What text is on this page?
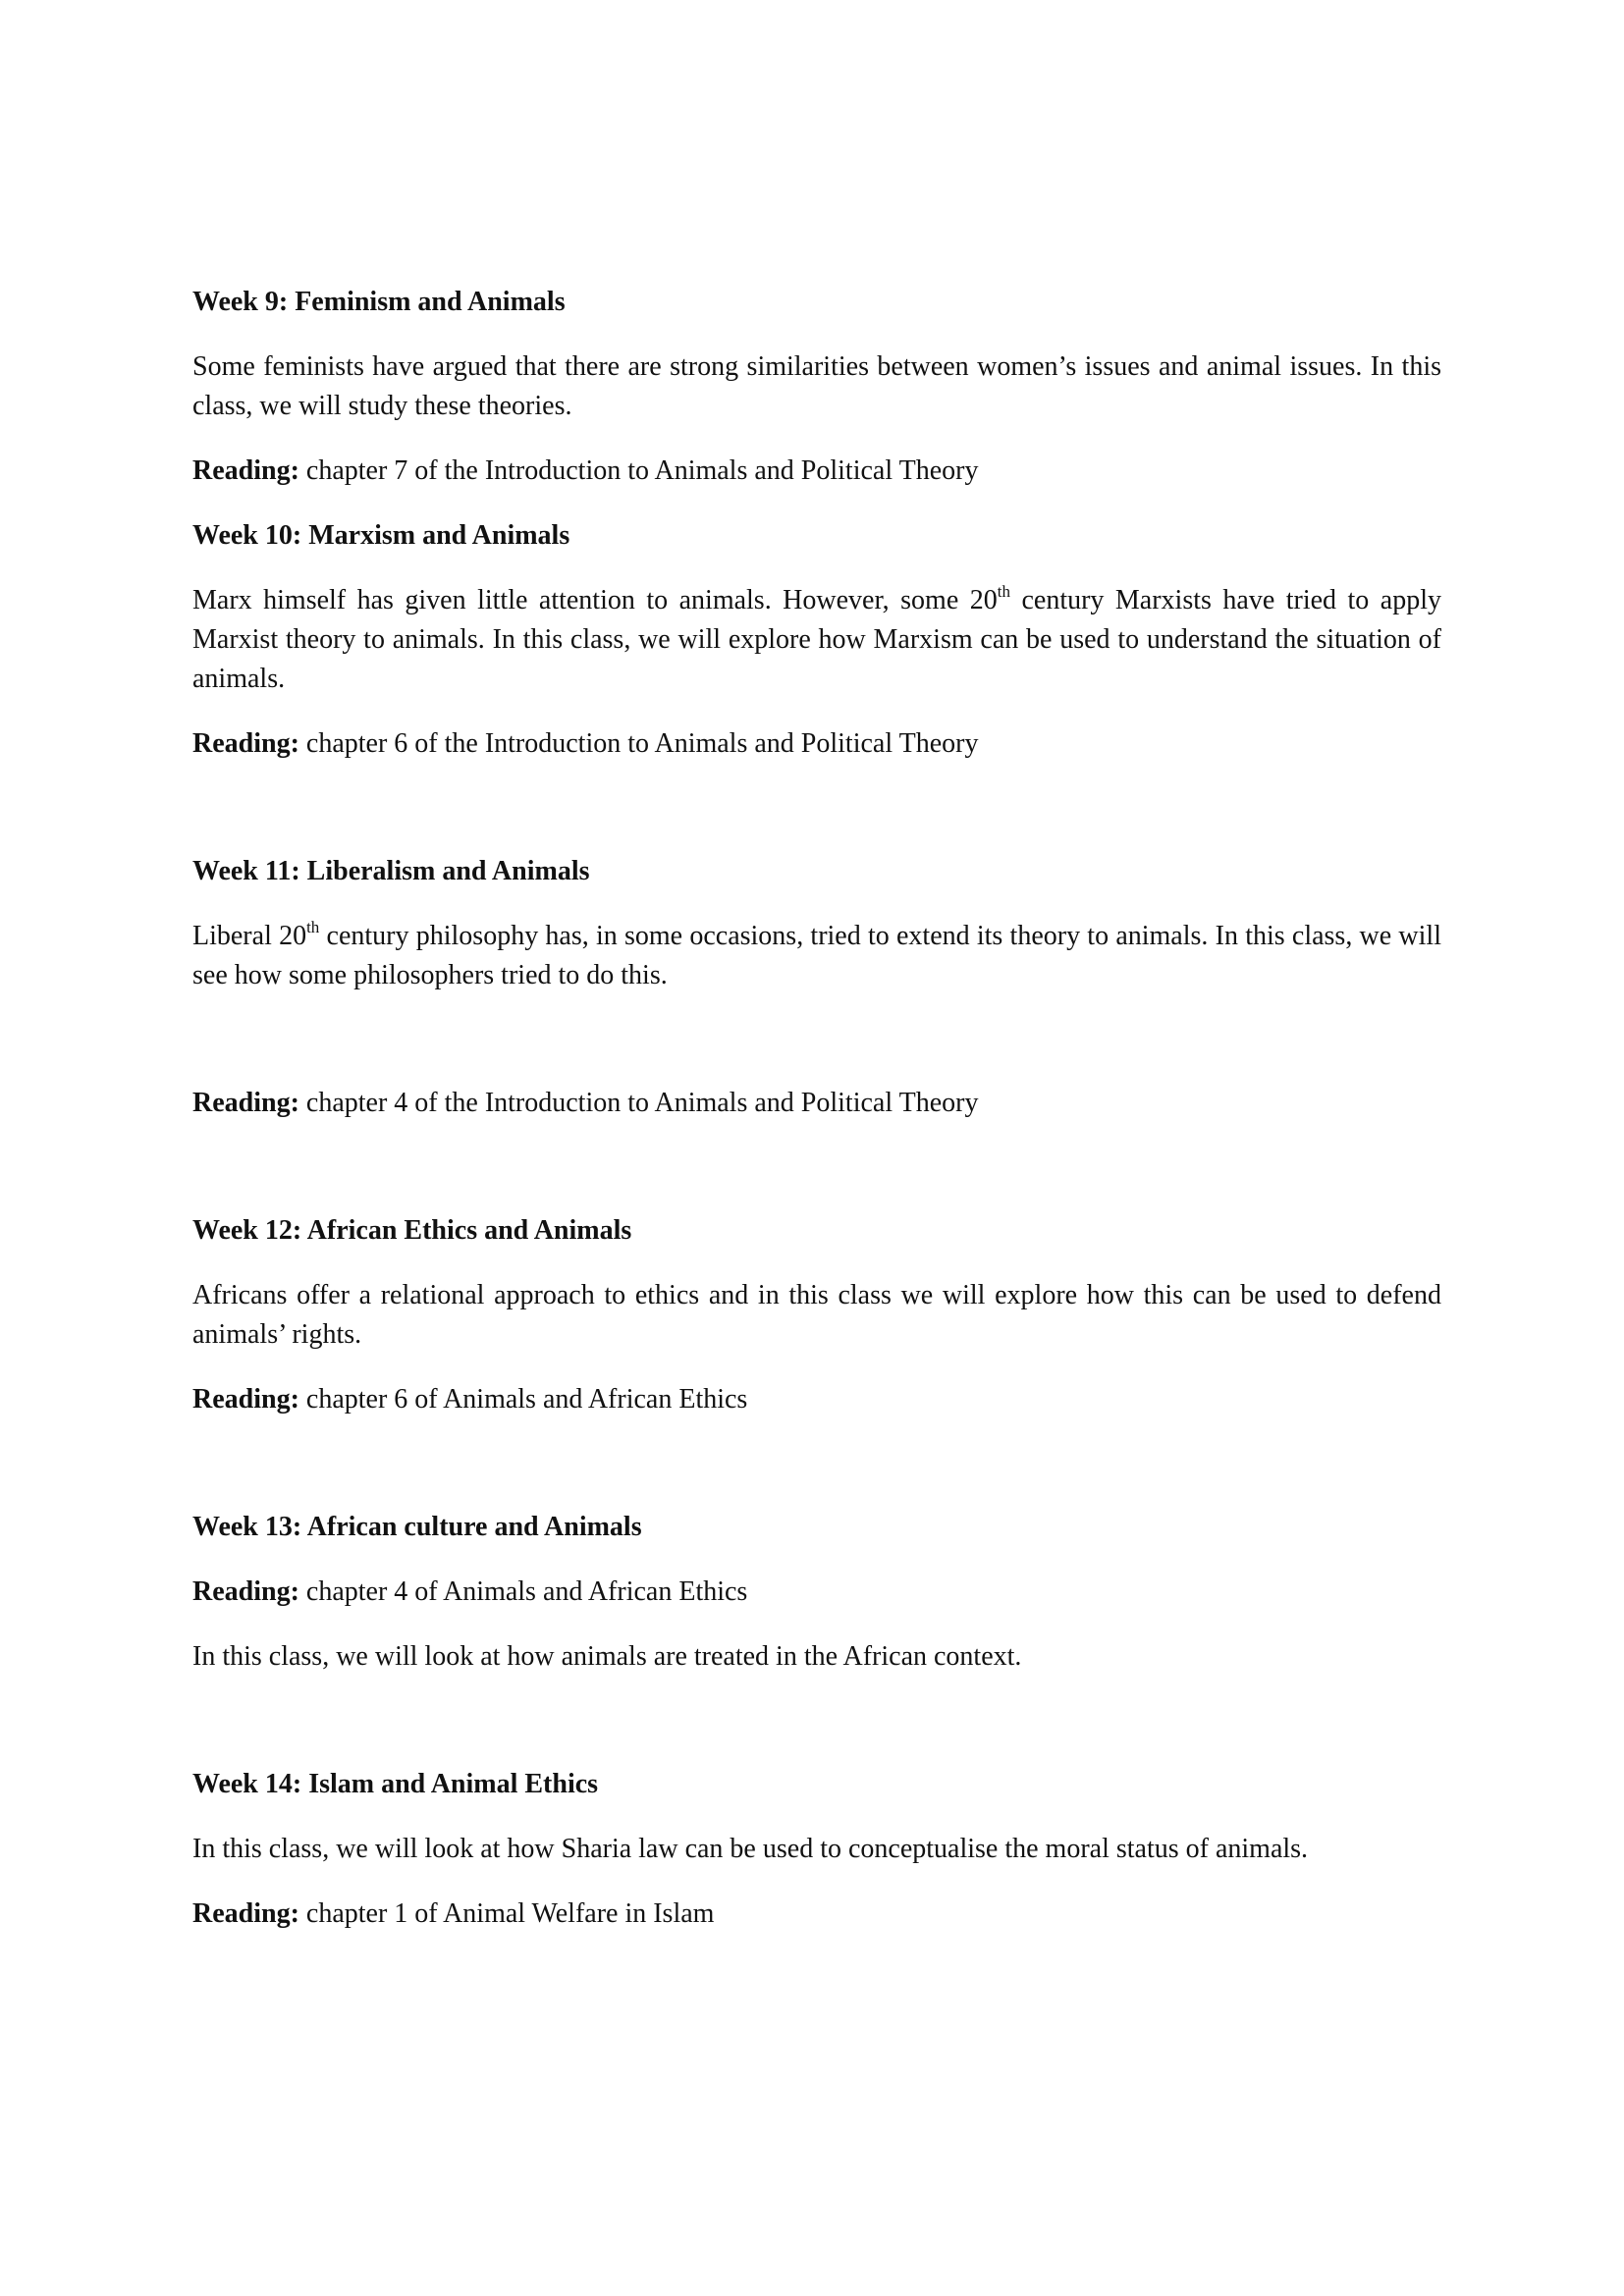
Week 9: Feminism and Animals

Some feminists have argued that there are strong similarities between women’s issues and animal issues. In this class, we will study these theories.

Reading: chapter 7 of the Introduction to Animals and Political Theory

Week 10: Marxism and Animals

Marx himself has given little attention to animals. However, some 20th century Marxists have tried to apply Marxist theory to animals. In this class, we will explore how Marxism can be used to understand the situation of animals.

Reading: chapter 6 of the Introduction to Animals and Political Theory

Week 11: Liberalism and Animals

Liberal 20th century philosophy has, in some occasions, tried to extend its theory to animals. In this class, we will see how some philosophers tried to do this.

Reading: chapter 4 of the Introduction to Animals and Political Theory

Week 12: African Ethics and Animals

Africans offer a relational approach to ethics and in this class we will explore how this can be used to defend animals’ rights.

Reading: chapter 6 of Animals and African Ethics

Week 13: African culture and Animals

Reading: chapter 4 of Animals and African Ethics

In this class, we will look at how animals are treated in the African context.

Week 14: Islam and Animal Ethics

In this class, we will look at how Sharia law can be used to conceptualise the moral status of animals.

Reading: chapter 1 of Animal Welfare in Islam
